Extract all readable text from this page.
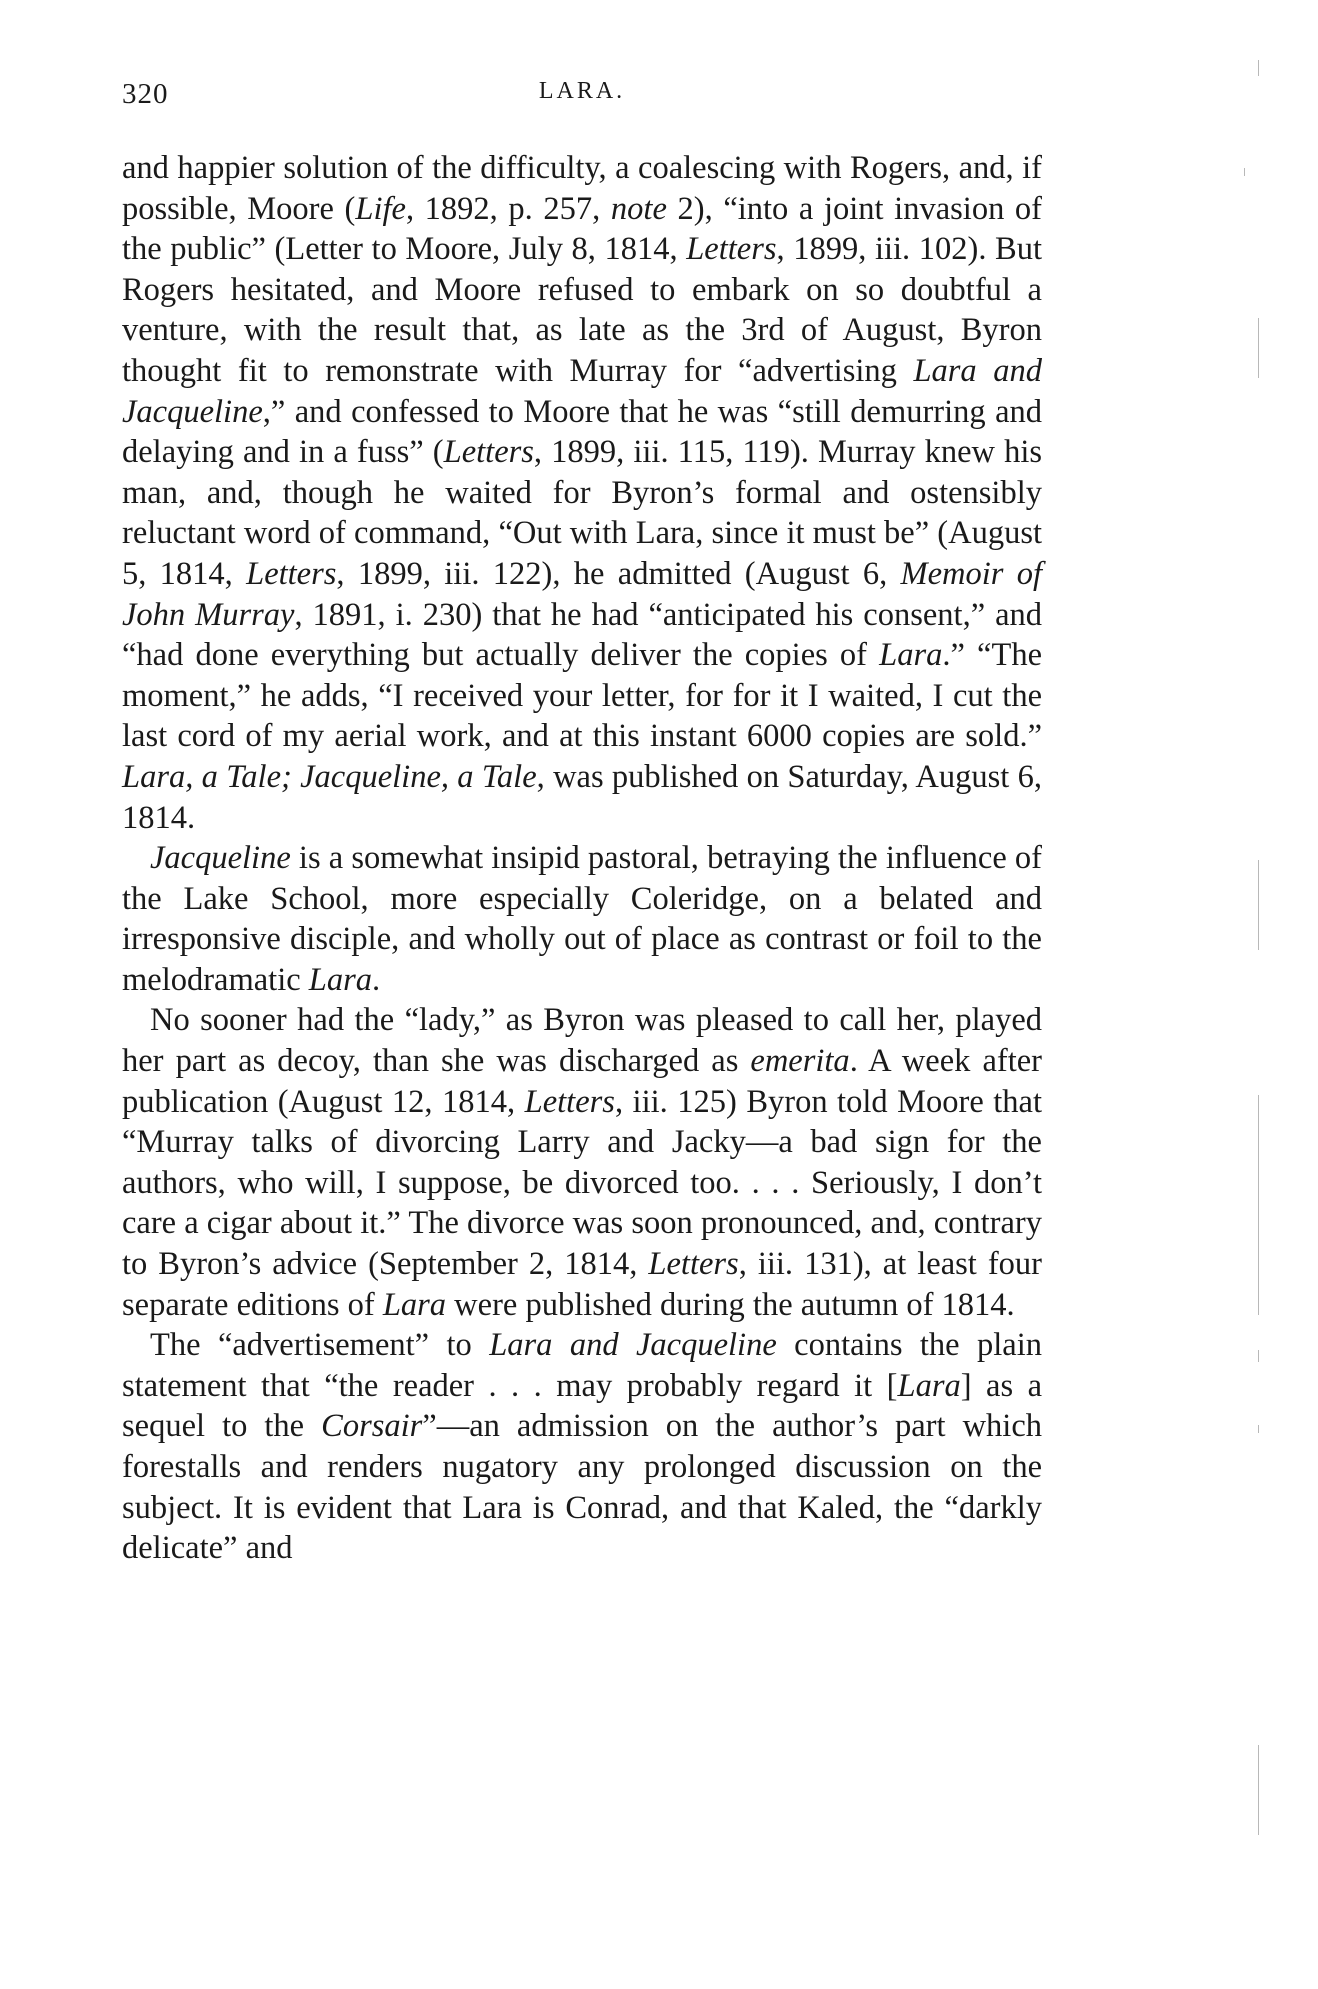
320	LARA.

and happier solution of the difficulty, a coalescing with Rogers, and, if possible, Moore (Life, 1892, p. 257, note 2), “into a joint invasion of the public” (Letter to Moore, July 8, 1814, Letters, 1899, iii. 102). But Rogers hesitated, and Moore refused to embark on so doubtful a venture, with the result that, as late as the 3rd of August, Byron thought fit to remonstrate with Murray for “advertising Lara and Jacqueline,” and confessed to Moore that he was “still demurring and delaying and in a fuss” (Letters, 1899, iii. 115, 119). Murray knew his man, and, though he waited for Byron’s formal and ostensibly reluctant word of command, “Out with Lara, since it must be” (August 5, 1814, Letters, 1899, iii. 122), he admitted (August 6, Memoir of John Murray, 1891, i. 230) that he had “anticipated his consent,” and “had done everything but actually deliver the copies of Lara.” “The moment,” he adds, “I received your letter, for for it I waited, I cut the last cord of my aerial work, and at this instant 6000 copies are sold.” Lara, a Tale; Jacqueline, a Tale, was published on Saturday, August 6, 1814.

Jacqueline is a somewhat insipid pastoral, betraying the influence of the Lake School, more especially Coleridge, on a belated and irresponsive disciple, and wholly out of place as contrast or foil to the melodramatic Lara.

No sooner had the “lady,” as Byron was pleased to call her, played her part as decoy, than she was discharged as emerita. A week after publication (August 12, 1814, Letters, iii. 125) Byron told Moore that “Murray talks of divorcing Larry and Jacky—a bad sign for the authors, who will, I suppose, be divorced too. . . . Seriously, I don’t care a cigar about it.” The divorce was soon pronounced, and, contrary to Byron’s advice (September 2, 1814, Letters, iii. 131), at least four separate editions of Lara were published during the autumn of 1814.

The “advertisement” to Lara and Jacqueline contains the plain statement that “the reader . . . may probably regard it [Lara] as a sequel to the Corsair”—an admission on the author’s part which forestalls and renders nugatory any prolonged discussion on the subject. It is evident that Lara is Conrad, and that Kaled, the “darkly delicate” and
